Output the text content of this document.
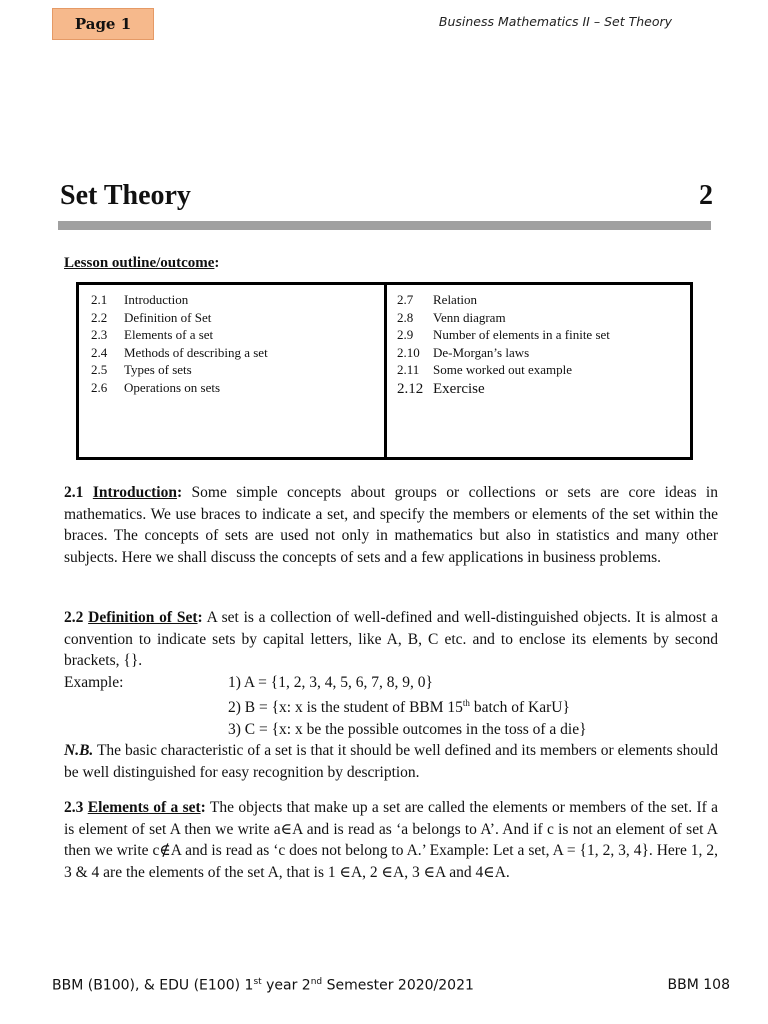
Page 1	Business Mathematics II – Set Theory
Set Theory	2
Lesson outline/outcome:
2.1	Introduction
2.2	Definition of Set
2.3	Elements of a set
2.4	Methods of describing a set
2.5	Types of sets
2.6	Operations on sets
2.7	Relation
2.8	Venn diagram
2.9	Number of elements in a finite set
2.10	De-Morgan’s laws
2.11	Some worked out example
2.12 Exercise
2.1 Introduction: Some simple concepts about groups or collections or sets are core ideas in mathematics. We use braces to indicate a set, and specify the members or elements of the set within the braces. The concepts of sets are used not only in mathematics but also in statistics and many other subjects. Here we shall discuss the concepts of sets and a few applications in business problems.
2.2 Definition of Set: A set is a collection of well-defined and well-distinguished objects. It is almost a convention to indicate sets by capital letters, like A, B, C etc. and to enclose its elements by second brackets, {}.
Example:	1) A = {1, 2, 3, 4, 5, 6, 7, 8, 9, 0}
2) B = {x: x is the student of BBM 15th batch of KarU}
3) C = {x: x be the possible outcomes in the toss of a die}
N.B. The basic characteristic of a set is that it should be well defined and its members or elements should be well distinguished for easy recognition by description.
2.3 Elements of a set: The objects that make up a set are called the elements or members of the set. If a is element of set A then we write a∈A and is read as ‘a belongs to A’. And if c is not an element of set A then we write c∉A and is read as ‘c does not belong to A.’ Example: Let a set, A = {1, 2, 3, 4}. Here 1, 2, 3 & 4 are the elements of the set A, that is 1 ∈A, 2 ∈A, 3 ∈A and 4∈A.
BBM (B100), & EDU (E100) 1st year 2nd Semester 2020/2021	BBM 108
